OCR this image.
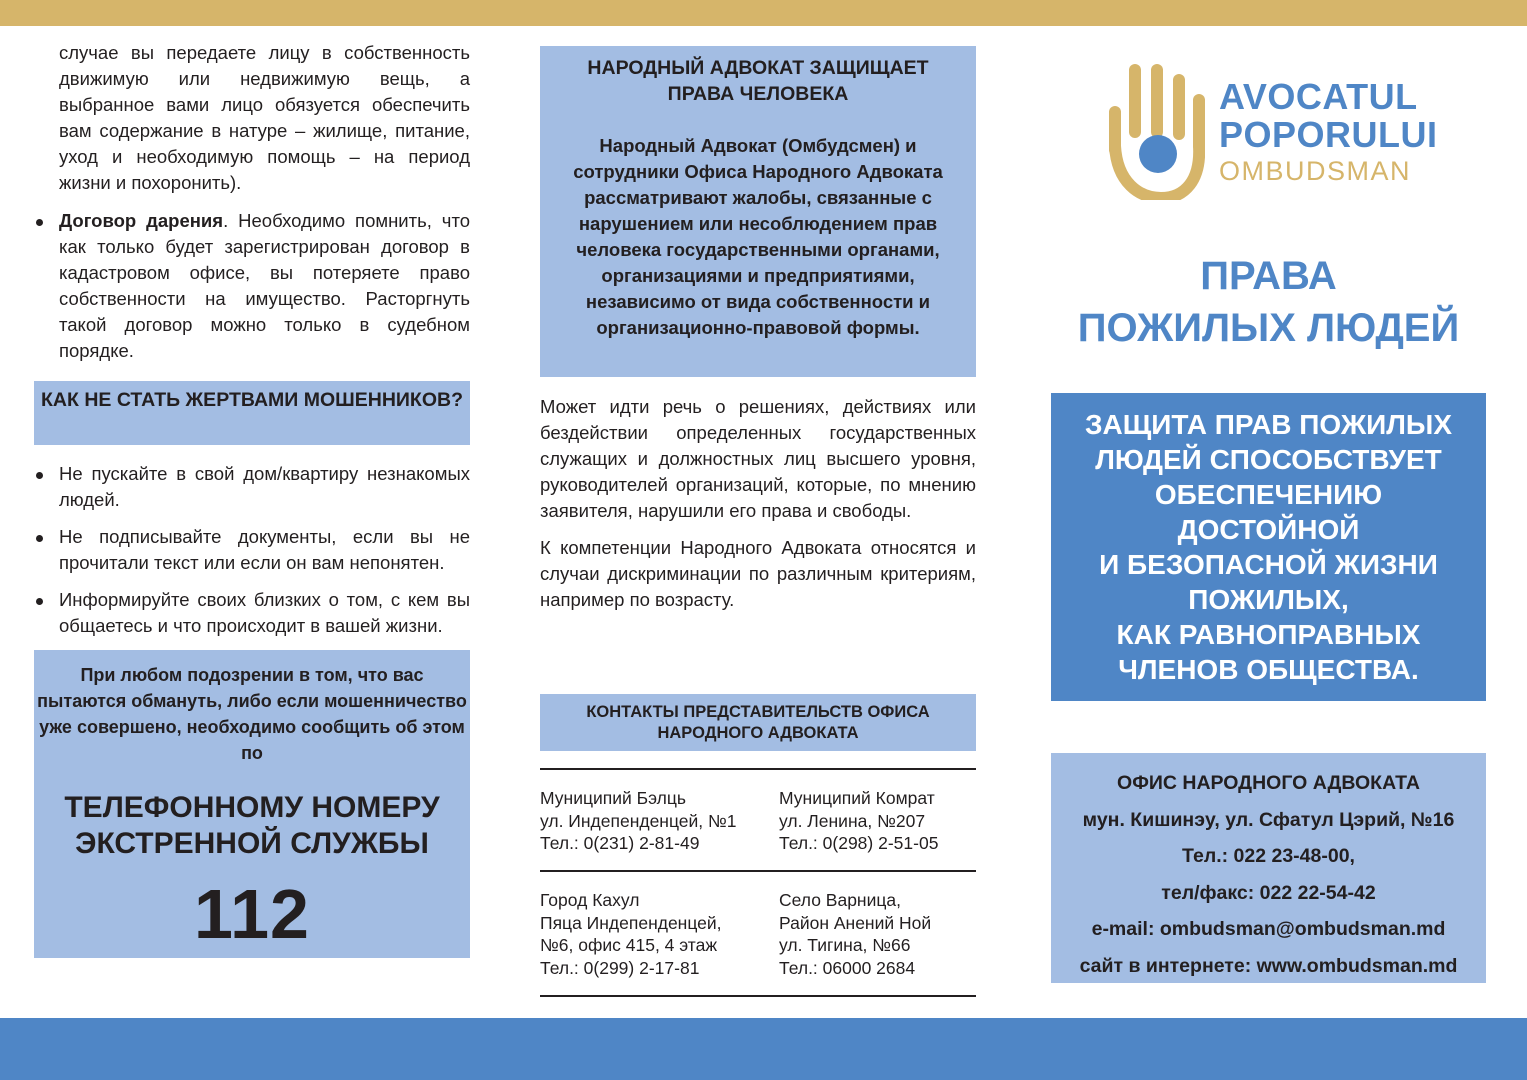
случае вы передаете лицу в собственность движимую или недвижимую вещь, а выбранное вами лицо обязуется обеспечить вам содержание в натуре – жилище, питание, уход и необходимую помощь – на период жизни и похоронить).

Договор дарения. Необходимо помнить, что как только будет зарегистрирован договор в кадастровом офисе, вы потеряете право собственности на имущество. Расторгнуть такой договор можно только в судебном порядке.
КАК НЕ СТАТЬ ЖЕРТВАМИ МОШЕННИКОВ?
Не пускайте в свой дом/квартиру незнакомых людей.
Не подписывайте документы, если вы не прочитали текст или если он вам непонятен.
Информируйте своих близких о том, с кем вы общаетесь и что происходит в вашей жизни.

При любом подозрении в том, что вас пытаются обмануть, либо если мошенничество уже совершено, необходимо сообщить об этом по

ТЕЛЕФОННОМУ НОМЕРУ
ЭКСТРЕННОЙ СЛУЖБЫ
112
НАРОДНЫЙ АДВОКАТ ЗАЩИЩАЕТ ПРАВА ЧЕЛОВЕКА

Народный Адвокат (Омбудсмен) и сотрудники Офиса Народного Адвоката рассматривают жалобы, связанные с нарушением или несоблюдением прав человека государственными органами, организациями и предприятиями, независимо от вида собственности и организационно-правовой формы.

Может идти речь о решениях, действиях или бездействии определенных государственных служащих и должностных лиц высшего уровня, руководителей организаций, которые, по мнению заявителя, нарушили его права и свободы.

К компетенции Народного Адвоката относятся и случаи дискриминации по различным критериям, например по возрасту.

КОНТАКТЫ ПРЕДСТАВИТЕЛЬСТВ ОФИСА НАРОДНОГО АДВОКАТА
Муниципий Бэлць
ул. Индепенденцей, №1
Тел.: 0(231) 2-81-49
Муниципий Комрат
ул. Ленина, №207
Тел.: 0(298) 2-51-05
Город Кахул
Пяца Индепенденцей,
№6, офис 415, 4 этаж
Тел.: 0(299) 2-17-81
Село Варница,
Район Анений Ной
ул. Тигина, №66
Тел.: 06000 2684
AVOCATUL
POPORULUI
OMBUDSMAN
ПРАВА
ПОЖИЛЫХ ЛЮДЕЙ
ЗАЩИТА ПРАВ ПОЖИЛЫХ
ЛЮДЕЙ СПОСОБСТВУЕТ
ОБЕСПЕЧЕНИЮ
ДОСТОЙНОЙ
И БЕЗОПАСНОЙ ЖИЗНИ
ПОЖИЛЫХ,
КАК РАВНОПРАВНЫХ
ЧЛЕНОВ ОБЩЕСТВА.
ОФИС НАРОДНОГО АДВОКАТА
мун. Кишинэу, ул. Сфатул Цэрий, №16
Тел.: 022 23-48-00,
тел/факс: 022 22-54-42
e-mail: ombudsman@ombudsman.md
сайт в интернете: www.ombudsman.md
